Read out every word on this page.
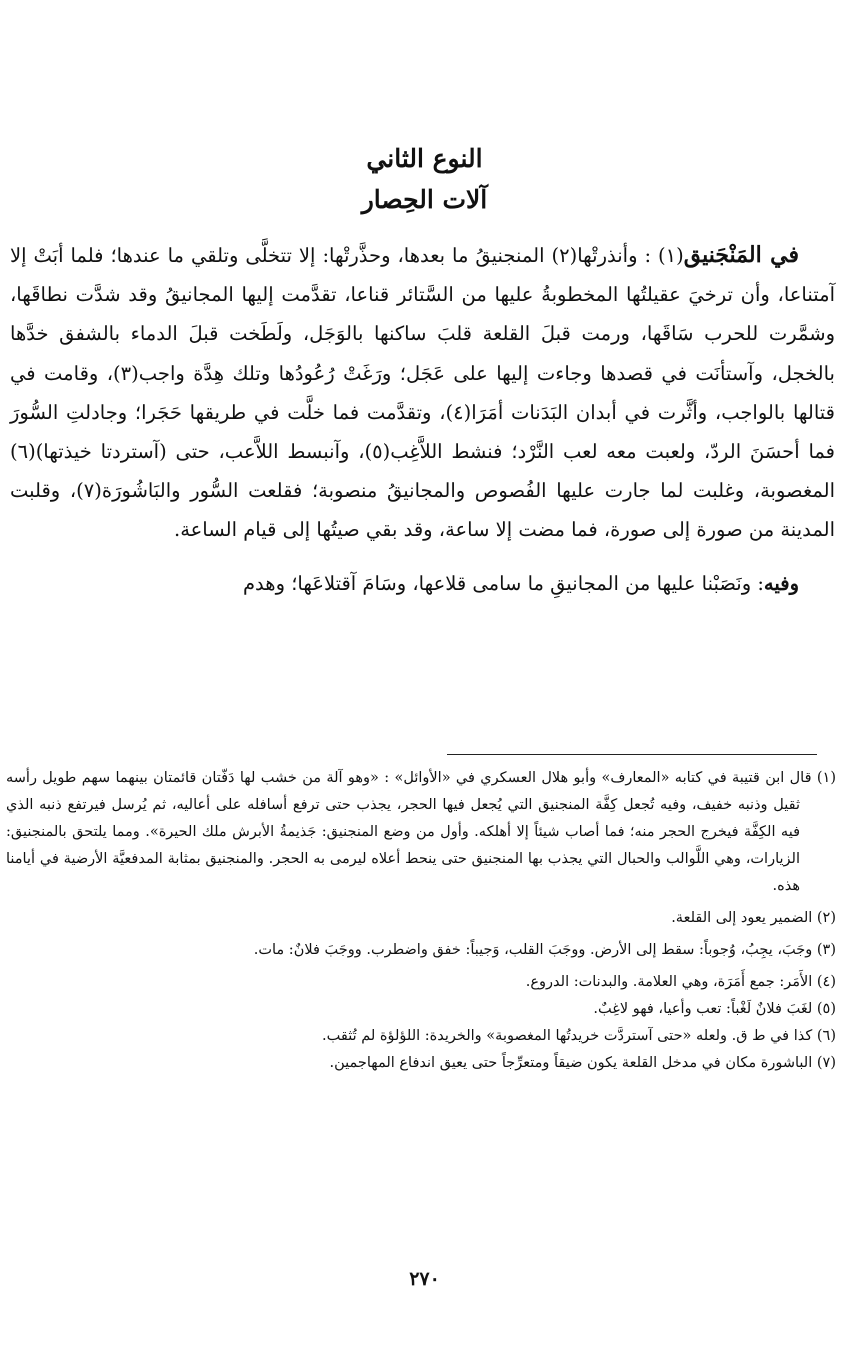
النوع الثاني
آلات الحِصار

في المَنْجَنيق(١) : وأنذرتْها(٢) المنجنيقُ ما بعدها، وحذَّرتْها: إلا تتخلَّى وتلقي ما عندها؛ فلما أبَتْ إلا آمتناعا، وأن ترخيَ عقيلتُها المخطوبةُ عليها من السَّتائر قناعا، تقدَّمت إليها المجانيقُ وقد شدَّت نطاقَها، وشمَّرت للحرب سَاقَها، ورمت قبلَ القلعة قلبَ ساكنها بالوَجَل، ولَطَخت قبلَ الدماء بالشفق خدَّها بالخجل، وآستأنَت في قصدها وجاءت إليها على عَجَل؛ ورَغَتْ رُعُودُها وتلك هِدَّة واجب(٣)، وقامت في قتالها بالواجب، وأثَّرت في أبدان البَدَنات أمَرَا(٤)، وتقدَّمت فما خلَّت في طريقها حَجَرا؛ وجادلتِ السُّورَ فما أحسَنَ الردّ، ولعبت معه لعب النَّرْد؛ فنشط اللاَّغِب(٥)، وآنبسط اللاَّعب، حتى (آستردتا خيذتها)(٦) المغصوبة، وغلبت لما جارت عليها الفُصوص والمجانيقُ منصوبة؛ فقلعت السُّور والبَاشُورَة(٧)، وقلبت المدينة من صورة إلى صورة، فما مضت إلا ساعة، وقد بقي صيتُها إلى قيام الساعة.

وفيه: ونَصَبْنا عليها من المجانيقِ ما سامى قلاعها، وسَامَ آقتلاعَها؛ وهدم

(١) قال ابن قتيبة في كتابه «المعارف» وأبو هلال العسكري في «الأوائل» : «وهو آلة من خشب لها دَفّتان قائمتان بينهما سهم طويل رأسه ثقيل وذنبه خفيف، وفيه تُجعل كِفَّة المنجنيق التي يُجعل فيها الحجر، يجذب حتى ترفع أسافله على أعاليه، ثم يُرسل فيرتفع ذنبه الذي فيه الكِفَّة فيخرج الحجر منه؛ فما أصاب شيئاً إلا أهلكه. وأول من وضع المنجنيق: جَذيمةُ الأبرش ملك الحيرة». ومما يلتحق بالمنجنيق: الزيارات، وهي اللَّوالب والحبال التي يجذب بها المنجنيق حتى ينحط أعلاه ليرمى به الحجر. والمنجنيق بمثابة المدفعيَّة الأرضية في أيامنا هذه.

(٢) الضمير يعود إلى القلعة.

(٣) وجَبَ، يجِبُ، وُجوباً: سقط إلى الأرض. ووجَبَ القلب، وَجيباً: خفق واضطرب. ووجَبَ فلانٌ: مات.

(٤) الأَمَر: جمع أَمَرَة، وهي العلامة. والبدنات: الدروع.

(٥) لغَبَ فلانٌ لَغْباً: تعب وأعيا، فهو لاغِبٌ.

(٦) كذا في ط ق. ولعله «حتى آستردَّت خريدتُها المغصوبة» والخريدة: اللؤلؤة لم تُثقب.

(٧) الباشورة مكان في مدخل القلعة يكون ضيقاً ومتعرِّجاً حتى يعيق اندفاع المهاجمين.

٢٧٠
